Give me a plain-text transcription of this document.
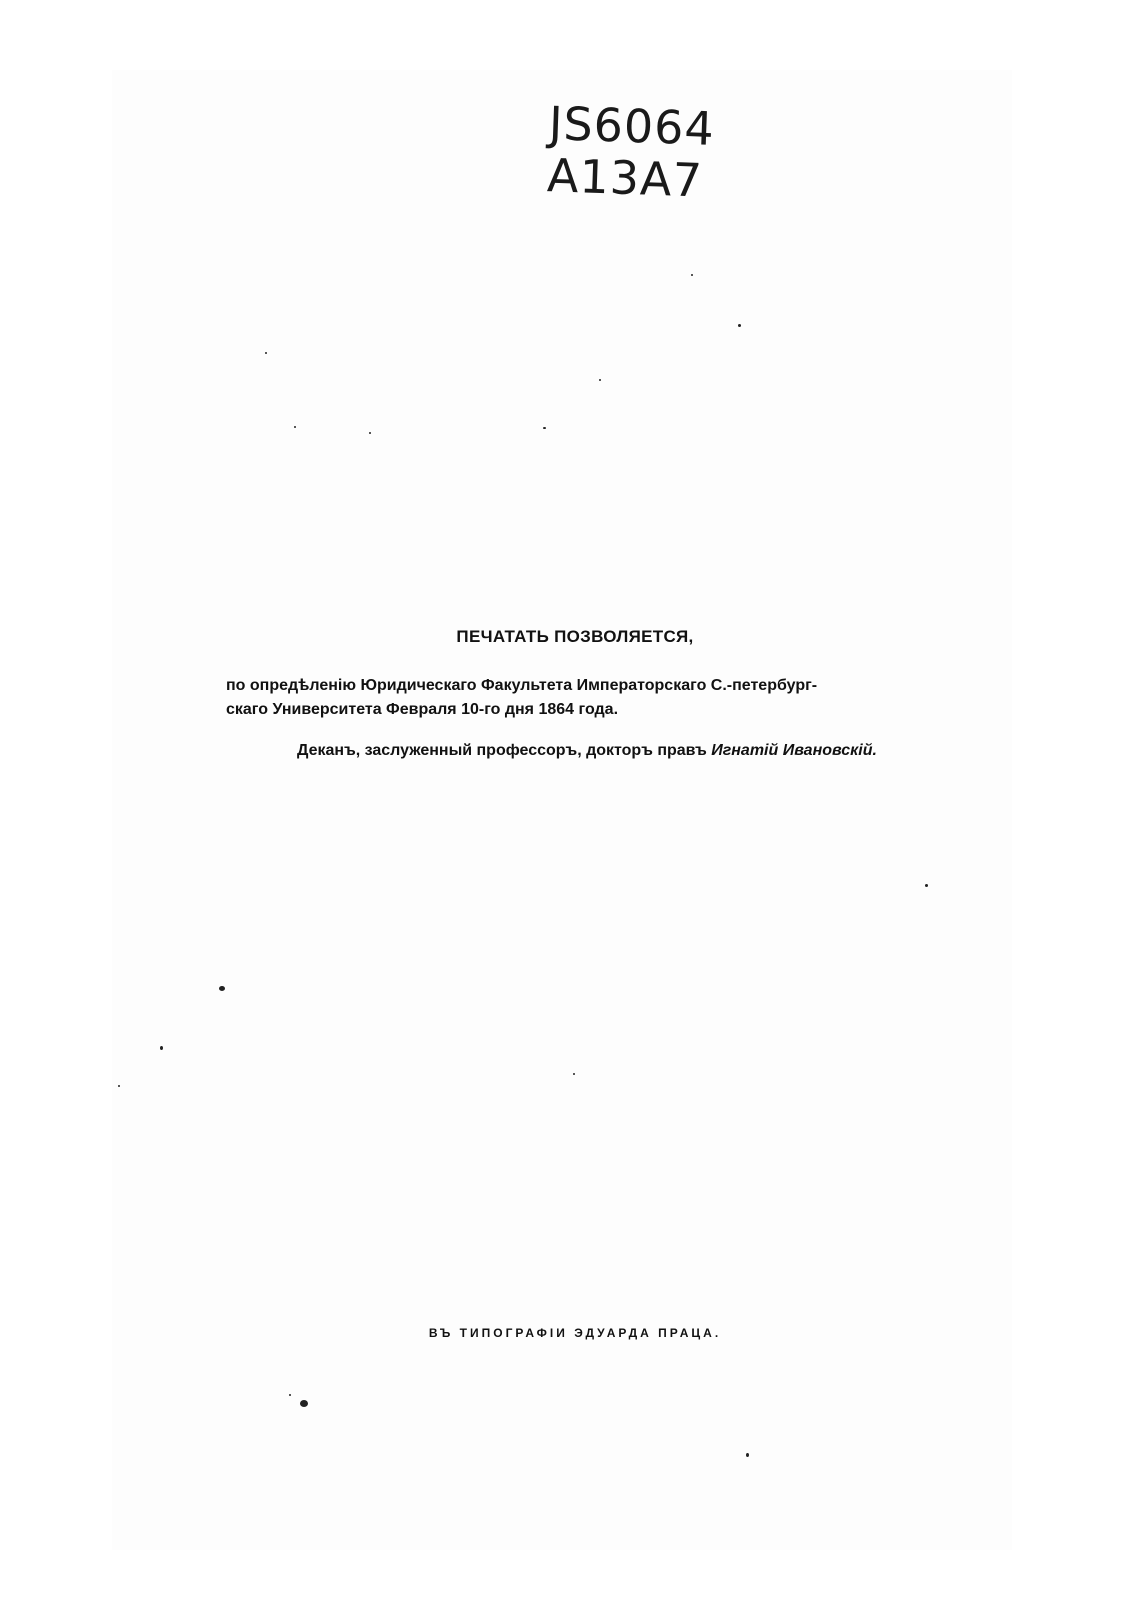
JS6064
A13A7
ПЕЧАТАТЬ ПОЗВОЛЯЕТСЯ,
по опредѣленію Юридическаго Факультета Императорскаго С.-петербург-
скаго Университета Февраля 10-го дня 1864 года.
Деканъ, заслуженный профессоръ, докторъ правъ Игнатій Ивановскій.
ВЪ ТИПОГРАФІИ ЭДУАРДА ПРАЦА.
